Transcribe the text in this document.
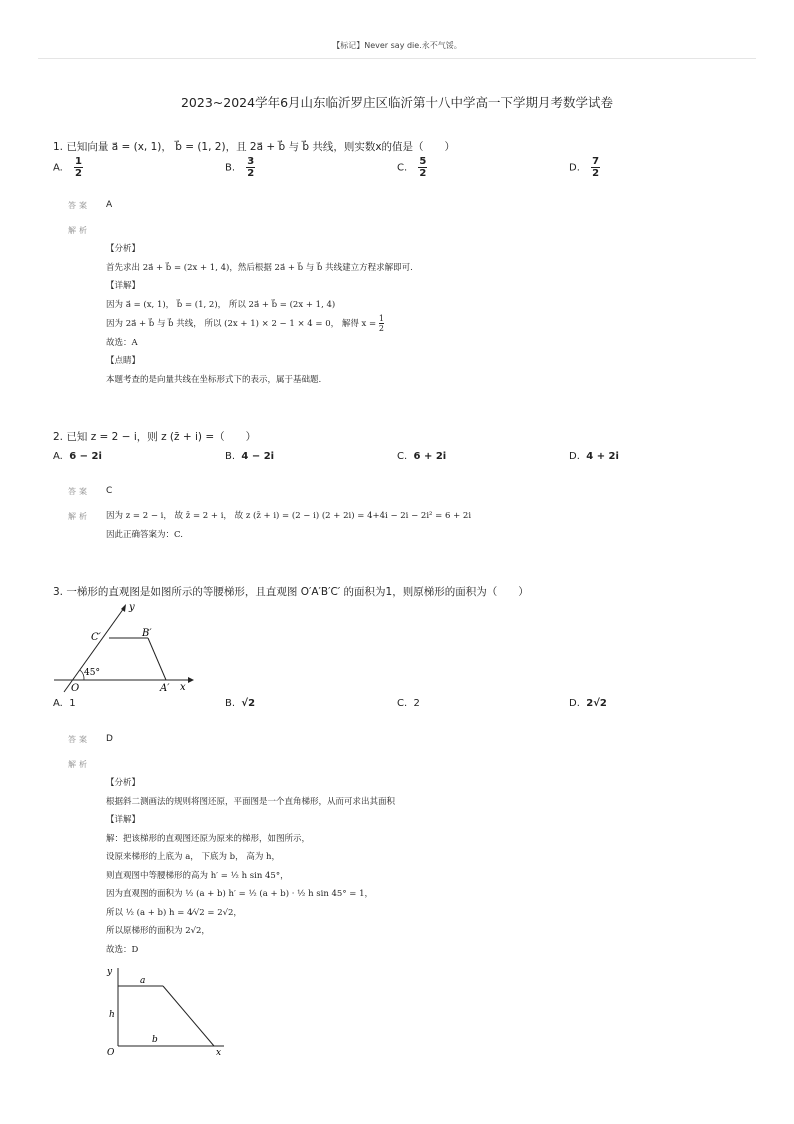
【标记】Never say die.永不气馁。
2023~2024学年6月山东临沂罗庄区临沂第十八中学高一下学期月考数学试卷
1. 已知向量 a⃗ = (x, 1)， b⃗ = (1, 2)，且 2a⃗ + b⃗ 与 b⃗ 共线，则实数x的值是（　　）
A. $\frac{1}{2}$	B. $\frac{3}{2}$	C. $\frac{5}{2}$	D. $\frac{7}{2}$
答案 A
解析
【分析】
首先求出 2a⃗ + b⃗ = (2x + 1, 4)，然后根据 2a⃗ + b⃗ 与 b⃗ 共线建立方程求解即可.
【详解】
因为 a⃗ = (x, 1)， b⃗ = (1, 2)， 所以 2a⃗ + b⃗ = (2x + 1, 4)
因为 2a⃗ + b⃗ 与 b⃗ 共线， 所以 (2x + 1) × 2 − 1 × 4 = 0， 解得 $x = \frac{1}{2}$
故选：A
【点睛】
本题考查的是向量共线在坐标形式下的表示，属于基础题.
2. 已知 z = 2 − i，则 z (z̄ + i) =（　　）
A. 6 − 2i	B. 4 − 2i	C. 6 + 2i	D. 4 + 2i
答案 C
解析 因为 z = 2 − i， 故 z̄ = 2 + i， 故 z (z̄ + i) = (2 − i) (2 + 2i) = 4+4i − 2i − 2i² = 6 + 2i
因此正确答案为：C.
3. 一梯形的直观图是如图所示的等腰梯形，且直观图 O′A′B′C′ 的面积为1，则原梯形的面积为（　　）
y
x
O	A′
B′
C′
45°
A. 1	B. √2	C. 2	D. 2√2
答案 D
解析
【分析】
根据斜二测画法的规则将图还原，平面图是一个直角梯形，从而可求出其面积
【详解】
解：把该梯形的直观图还原为原来的梯形，如图所示，
设原来梯形的上底为 a， 下底为 b， 高为 h，
则直观图中等腰梯形的高为 h′ = ½ h sin 45°，
因为直观图的面积为 ½ (a + b) h′ = ½ (a + b) · ½ h sin 45° = 1，
所以 ½ (a + b) h = 4⁄√2 = 2√2，
所以原梯形的面积为 2√2，
故选：D
y
a
h
b
O	x
